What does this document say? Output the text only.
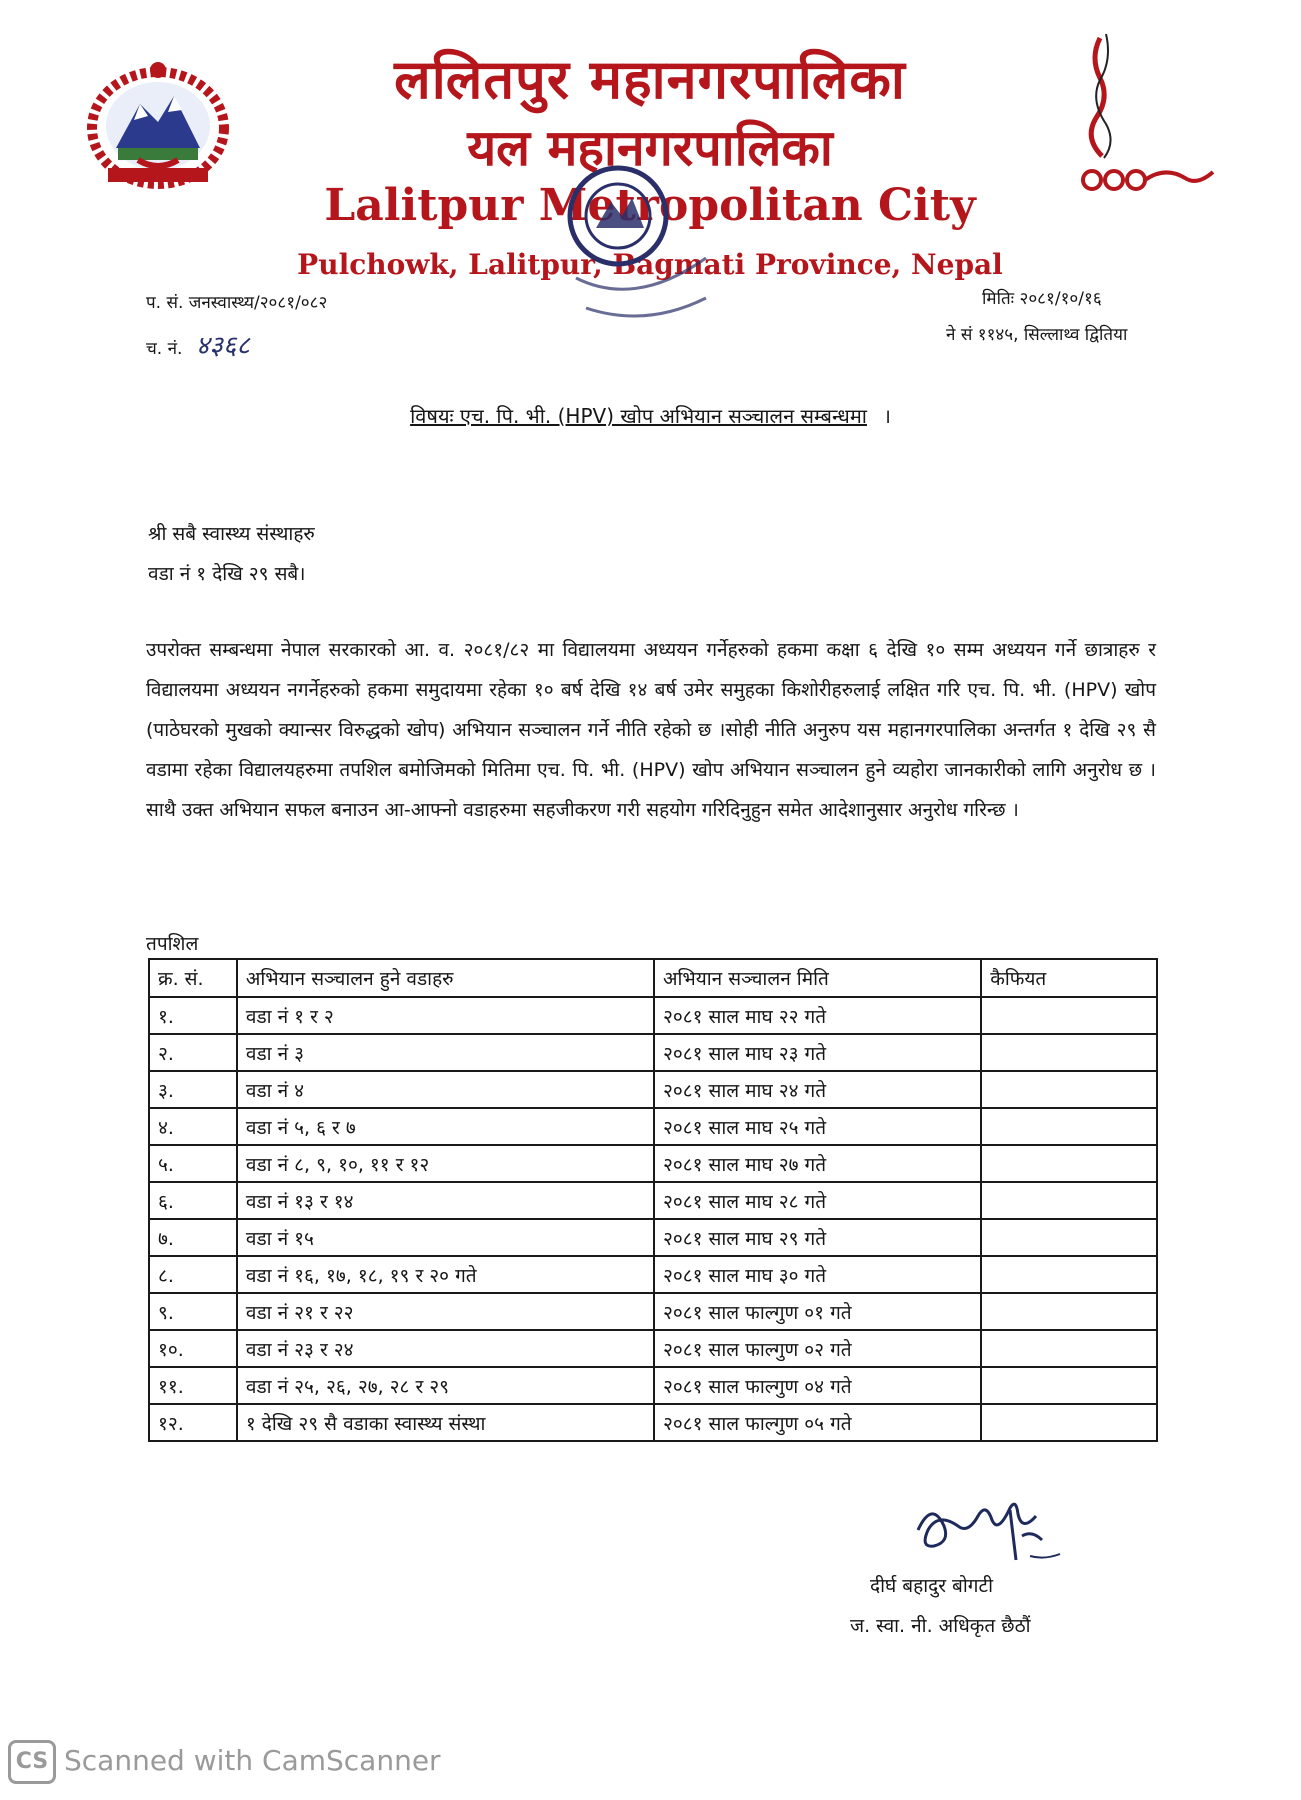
ललितपुर महानगरपालिका
यल महानगरपालिका
Lalitpur Metropolitan City
Pulchowk, Lalitpur, Bagmati Province, Nepal
प. सं. जनस्वास्थ्य/२०८१/०८२
च. नं. ४३६८
मितिः २०८१/१०/१६
ने सं ११४५, सिल्लाथ्व द्वितिया
विषयः एच. पि. भी. (HPV) खोप अभियान सञ्चालन सम्बन्धमा ।
श्री सबै स्वास्थ्य संस्थाहरु
वडा नं १ देखि २९ सबै।
उपरोक्त सम्बन्धमा नेपाल सरकारको आ. व. २०८१/८२ मा विद्यालयमा अध्ययन गर्नेहरुको हकमा कक्षा ६ देखि १० सम्म अध्ययन गर्ने छात्राहरु र विद्यालयमा अध्ययन नगर्नेहरुको हकमा समुदायमा रहेका १० बर्ष देखि १४ बर्ष उमेर समुहका किशोरीहरुलाई लक्षित गरि एच. पि. भी. (HPV) खोप (पाठेघरको मुखको क्यान्सर विरुद्धको खोप) अभियान सञ्चालन गर्ने नीति रहेको छ ।सोही नीति अनुरुप यस महानगरपालिका अन्तर्गत १ देखि २९ सै वडामा रहेका विद्यालयहरुमा तपशिल बमोजिमको मितिमा एच. पि. भी. (HPV) खोप अभियान सञ्चालन हुने व्यहोरा जानकारीको लागि अनुरोध छ ।साथै उक्त अभियान सफल बनाउन आ-आफ्नो वडाहरुमा सहजीकरण गरी सहयोग गरिदिनुहुन समेत आदेशानुसार अनुरोध गरिन्छ ।
तपशिल
क्र. सं.	अभियान सञ्चालन हुने वडाहरु	अभियान सञ्चालन मिति	कैफियत
१.	वडा नं १ र २	२०८१ साल माघ २२ गते	
२.	वडा नं ३	२०८१ साल माघ २३ गते	
३.	वडा नं ४	२०८१ साल माघ २४ गते	
४.	वडा नं ५, ६ र ७	२०८१ साल माघ २५ गते	
५.	वडा नं ८, ९, १०, ११ र १२	२०८१ साल माघ २७ गते	
६.	वडा नं १३ र १४	२०८१ साल माघ २८ गते	
७.	वडा नं १५	२०८१ साल माघ २९ गते	
८.	वडा नं १६, १७, १८, १९ र २० गते	२०८१ साल माघ ३० गते	
९.	वडा नं २१ र २२	२०८१ साल फाल्गुण ०१ गते	
१०.	वडा नं २३ र २४	२०८१ साल फाल्गुण ०२ गते	
११.	वडा नं २५, २६, २७, २८ र २९	२०८१ साल फाल्गुण ०४ गते	
१२.	१ देखि २९ सै वडाका स्वास्थ्य संस्था	२०८१ साल फाल्गुण ०५ गते	
दीर्घ बहादुर बोगटी
ज. स्वा. नी. अधिकृत छैठौं
CS Scanned with CamScanner
